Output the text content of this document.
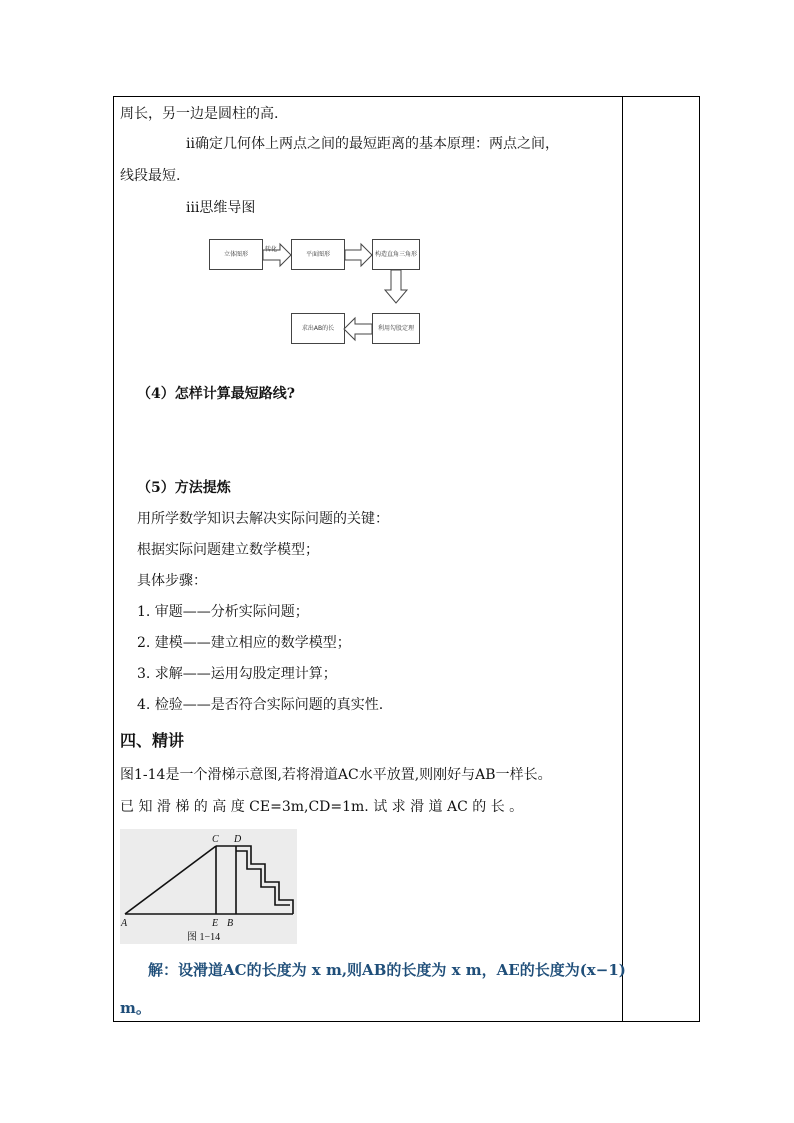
周长，另一边是圆柱的高.
ⅱ确定几何体上两点之间的最短距离的基本原理：两点之间，
线段最短.
ⅲ思维导图
立体图形	平面图形	构造直角三角形
利用勾股定理
求出AB的长
转化
（4）怎样计算最短路线?
（5）方法提炼
用所学数学知识去解决实际问题的关键：
根据实际问题建立数学模型；
具体步骤：
1. 审题——分析实际问题；
2. 建模——建立相应的数学模型；
3. 求解——运用勾股定理计算；
4. 检验——是否符合实际问题的真实性.
四、精讲
图1-14是一个滑梯示意图,若将滑道AC水平放置,则刚好与AB一样长。
已 知 滑 梯 的 高 度 CE=3m,CD=1m. 试 求 滑 道 AC 的 长 。
A	B
C D
E
图 1−14
解：设滑道AC的长度为 x m,则AB的长度为 x m，AE的长度为(x−1)
m。
